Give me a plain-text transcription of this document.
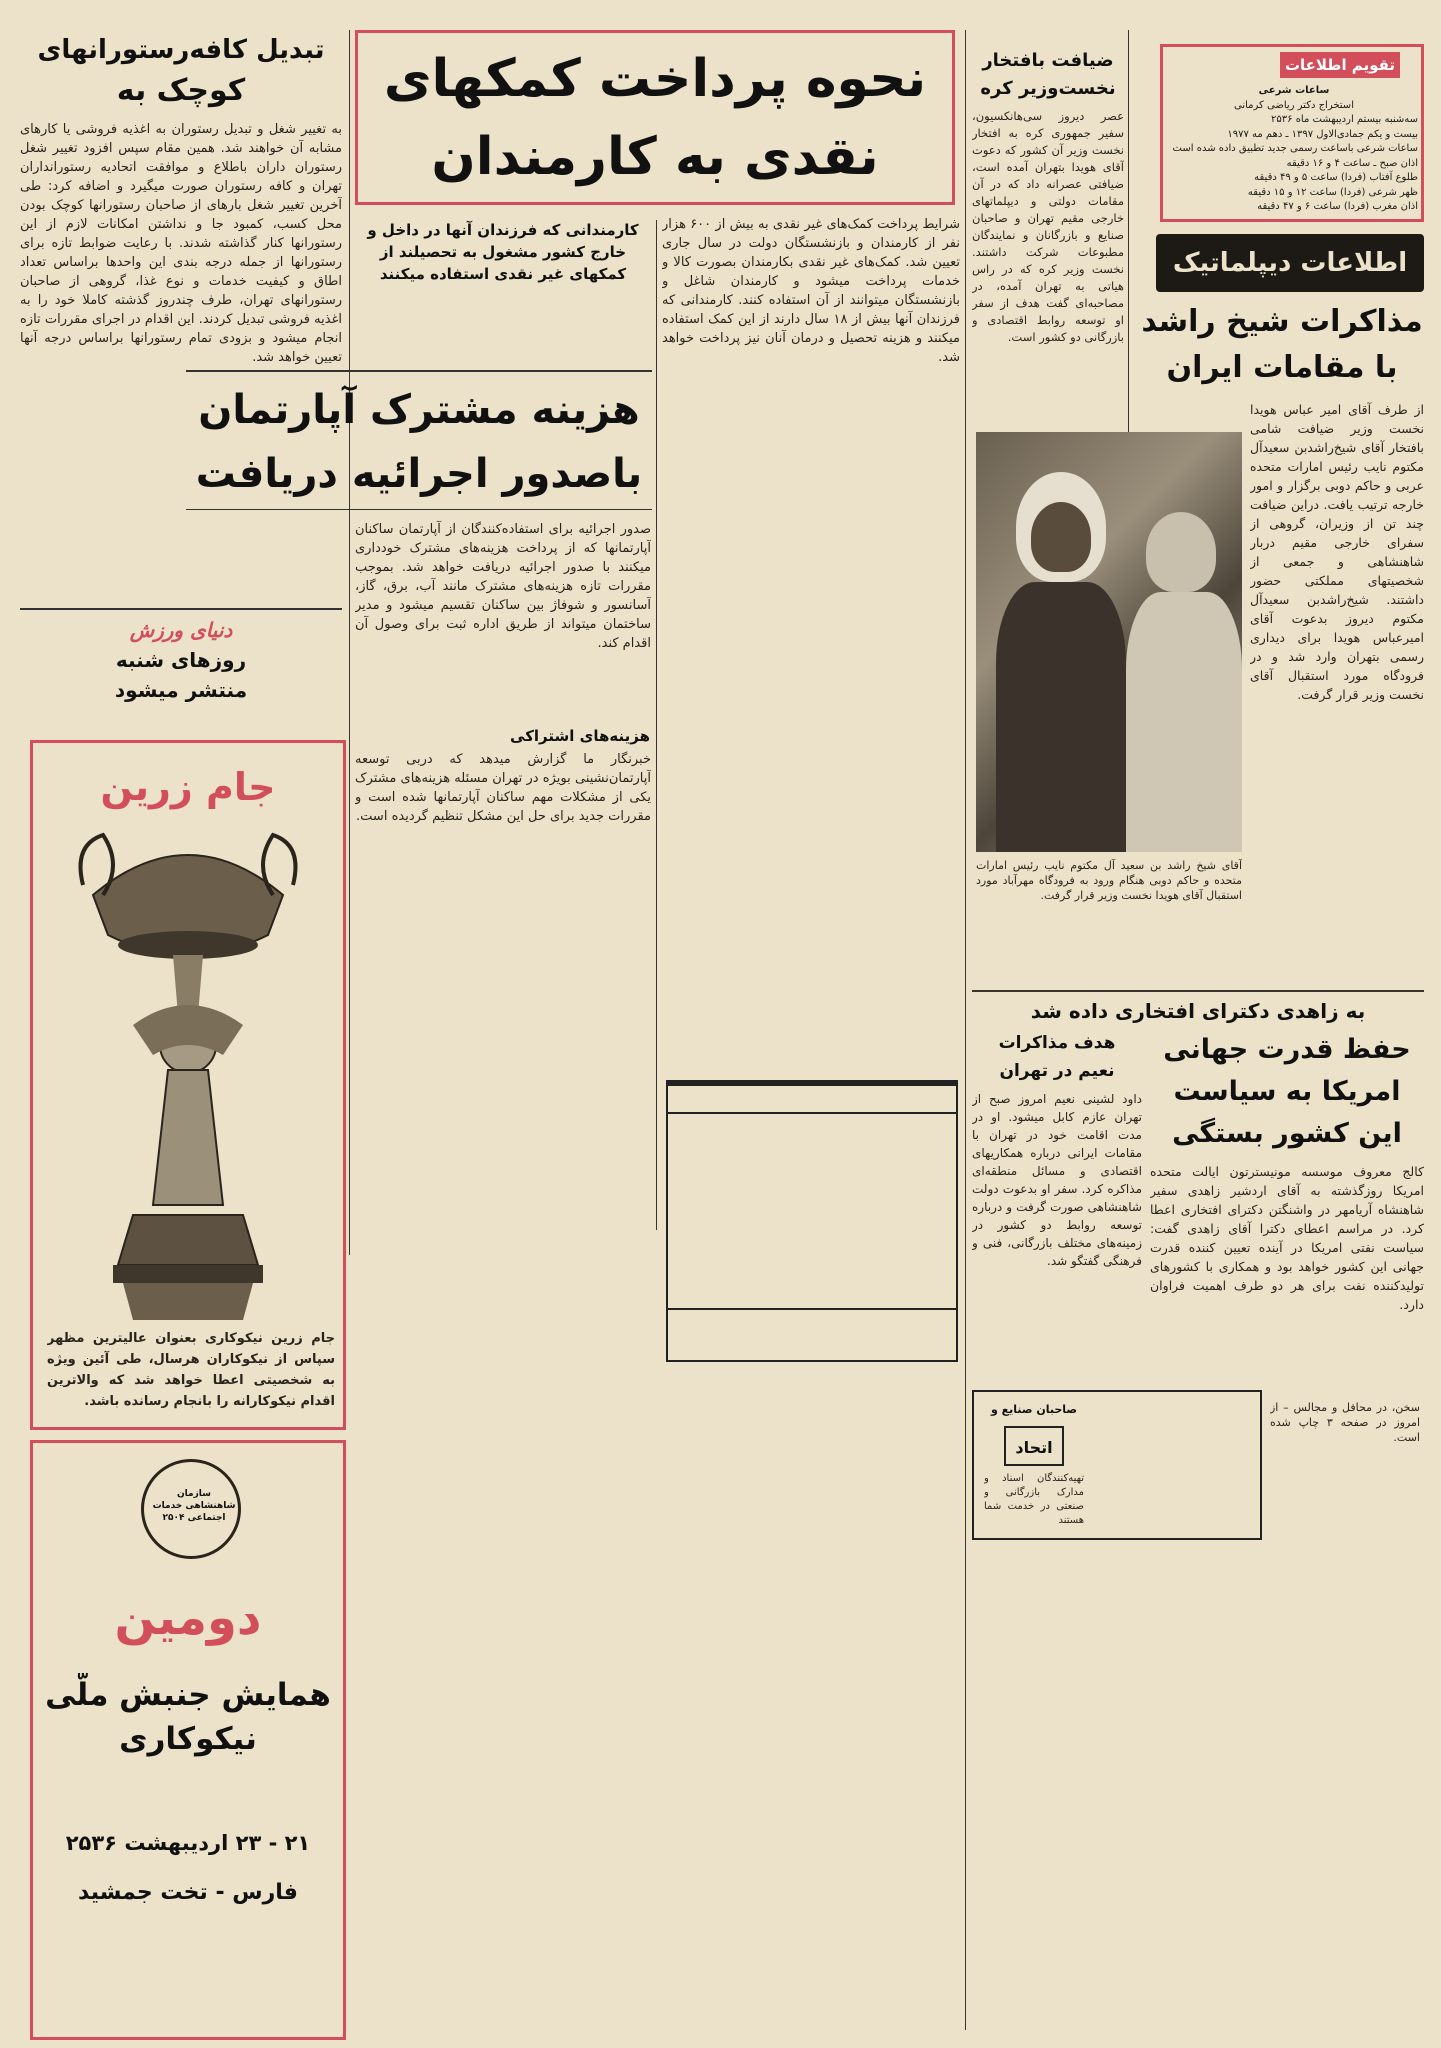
تقویم اطلاعات
ساعات شرعی
استخراج دکتر رياضى كرمانى
سه‌شنبه بيستم ارديبهشت ماه ۲۵۳۶
بيست و يكم جمادی‌الاول ۱۳۹۷ ـ دهم مه ۱۹۷۷
ساعات شرعی باساعت رسمی جدید تطبیق داده شده است
اذان صبح ـ ساعت ۴ و ۱۶ دقیقه
طلوع آفتاب (فردا) ساعت ۵ و ۴۹ دقیقه
ظهر شرعی (فردا) ساعت ۱۲ و ۱۵ دقیقه
اذان مغرب (فردا) ساعت ۶ و ۴۷ دقیقه
نحوه پرداخت کمکهای
نقدی به کارمندان
تبدیل کافه‌رستورانهای
کوچک به
به تغییر شغل و تبدیل رستوران به اغذیه فروشی یا کارهای مشابه آن خواهند شد. همین مقام سپس افزود تغییر شغل رستوران داران باطلاع و موافقت اتحادیه رستورانداران تهران و کافه رستوران صورت میگیرد و اضافه کرد: طی آخرین تغییر شغل بارهای از صاحبان رستورانها کوچک بودن محل کسب، کمبود جا و نداشتن امکانات لازم از این رستورانها کنار گذاشته شدند. با رعایت ضوابط تازه برای رستورانها از جمله درجه بندی این واحدها براساس تعداد اطاق و کیفیت خدمات و نوع غذا، گروهی از صاحبان رستورانهای تهران، طرف چندروز گذشته کاملا خود را به اغذیه فروشی تبدیل کردند. این اقدام در اجرای مقررات تازه انجام میشود و بزودی تمام رستورانها براساس درجه آنها تعیین خواهد شد.
دنیای ورزش
روزهای شنبه
منتشر میشود
شرایط پرداخت کمک‌های غیر نقدی به بیش از ۶۰۰ هزار نفر از کارمندان و بازنشستگان دولت در سال جاری تعیین شد. کمک‌های غیر نقدی بکارمندان بصورت کالا و خدمات پرداخت میشود و کارمندان شاغل و بازنشستگان میتوانند از آن استفاده کنند. کارمندانی که فرزندان آنها بیش از ۱۸ سال دارند از این کمک استفاده میکنند و هزینه تحصیل و درمان آنان نیز پرداخت خواهد شد.
کارمندانی که فرزندان آنها در داخل و خارج کشور مشغول به تحصیلند از کمکهای غیر نقدی استفاده میکنند
هزینه مشترک آپارتمان
باصدور اجرائیه دریافت
صدور اجرائیه برای استفاده‌کنندگان از آپارتمان ساکنان آپارتمانها که از پرداخت هزینه‌های مشترک خودداری میکنند با صدور اجرائیه دریافت خواهد شد. بموجب مقررات تازه هزینه‌های مشترک مانند آب، برق، گاز، آسانسور و شوفاژ بین ساکنان تقسیم میشود و مدیر ساختمان میتواند از طریق اداره ثبت برای وصول آن اقدام کند.
هزینه‌های اشتراکی
خبرنگار ما گزارش میدهد که دربی توسعه آپارتمان‌نشینی بویژه در تهران مسئله هزینه‌های مشترک یکی از مشکلات مهم ساکنان آپارتمانها شده است و مقررات جدید برای حل این مشکل تنظیم گردیده است.
ضیافت بافتخار
نخست‌وزیر کره
عصر دیروز سی‌هانکسیون، سفیر جمهوری کره به افتخار نخست وزیر آن کشور که دعوت آقای هویدا بتهران آمده است، ضیافتی عصرانه داد که در آن مقامات دولتی و دیپلماتهای خارجی مقیم تهران و صاحبان صنایع و بازرگانان و نمایندگان مطبوعات شرکت داشتند. نخست وزیر کره که در راس هیاتی به تهران آمده، در مصاحبه‌ای گفت هدف از سفر او توسعه روابط اقتصادی و بازرگانی دو کشور است.
اطلاعات دیپلماتیک
مذاکرات شیخ راشد
با مقامات ایران
از طرف آقای امیر عباس هویدا نخست وزیر ضیافت شامی بافتخار آقای شیخ‌راشدبن سعیدآل مکتوم نایب رئیس امارات متحده عربی و حاکم دوبی برگزار و امور خارجه ترتیب یافت. دراین ضیافت چند تن از وزیران، گروهی از سفرای خارجی مقیم دربار شاهنشاهی و جمعی از شخصیتهای مملکتی حضور داشتند. شیخ‌راشدبن سعیدآل مکتوم دیروز بدعوت آقای امیرعباس هویدا برای دیداری رسمی بتهران وارد شد و در فرودگاه مورد استقبال آقای نخست وزیر قرار گرفت.
آقای شیخ راشد بن سعید آل مکتوم نایب رئیس امارات متحده و حاکم دوبی هنگام ورود به فرودگاه مهرآباد مورد استقبال آقای هویدا نخست وزیر قرار گرفت.
به زاهدی دکترای افتخاری داده شد
حفظ قدرت جهانی
امریکا به سیاست
این کشور بستگی
کالج معروف موسسه مونیسترتون ایالت متحده امریکا روزگذشته به آقای اردشیر زاهدی سفیر شاهنشاه آریامهر در واشنگتن دکترای افتخاری اعطا کرد. در مراسم اعطای دکترا آقای زاهدی گفت: سیاست نفتی امریکا در آینده تعیین کننده قدرت جهانی این کشور خواهد بود و همکاری با کشورهای تولیدکننده نفت برای هر دو طرف اهمیت فراوان دارد.
سخن، در محافل و مجالس – از امروز در صفحه ۳ چاپ شده است.
هدف مذاکرات
نعیم در تهران
داود لشینی نعیم امروز صبح از تهران عازم کابل میشود. او در مدت اقامت خود در تهران با مقامات ایرانی درباره همکاریهای اقتصادی و مسائل منطقه‌ای مذاکره کرد. سفر او بدعوت دولت شاهنشاهی صورت گرفت و درباره توسعه روابط دو کشور در زمینه‌های مختلف بازرگانی، فنی و فرهنگی گفتگو شد.
صاحبان صنایع و
اتحاد
تهیه‌کنندگان اسناد و مدارک بازرگانی و صنعتی در خدمت شما هستند
جام زرین
جام زرین نیکوکاری بعنوان عالیترین مظهر سپاس از نیکوکاران هرسال، طی آئین ویژه به شخصیتی اعطا خواهد شد که والاترین اقدام نیکوکارانه را بانجام رسانده باشد.
سازمان شاهنشاهی خدمات اجتماعی ۲۵۰۴
دومین
همایش جنبش ملّی نیکوکاری
۲۱ - ۲۳ اردیبهشت ۲۵۳۶
فارس - تخت جمشید
